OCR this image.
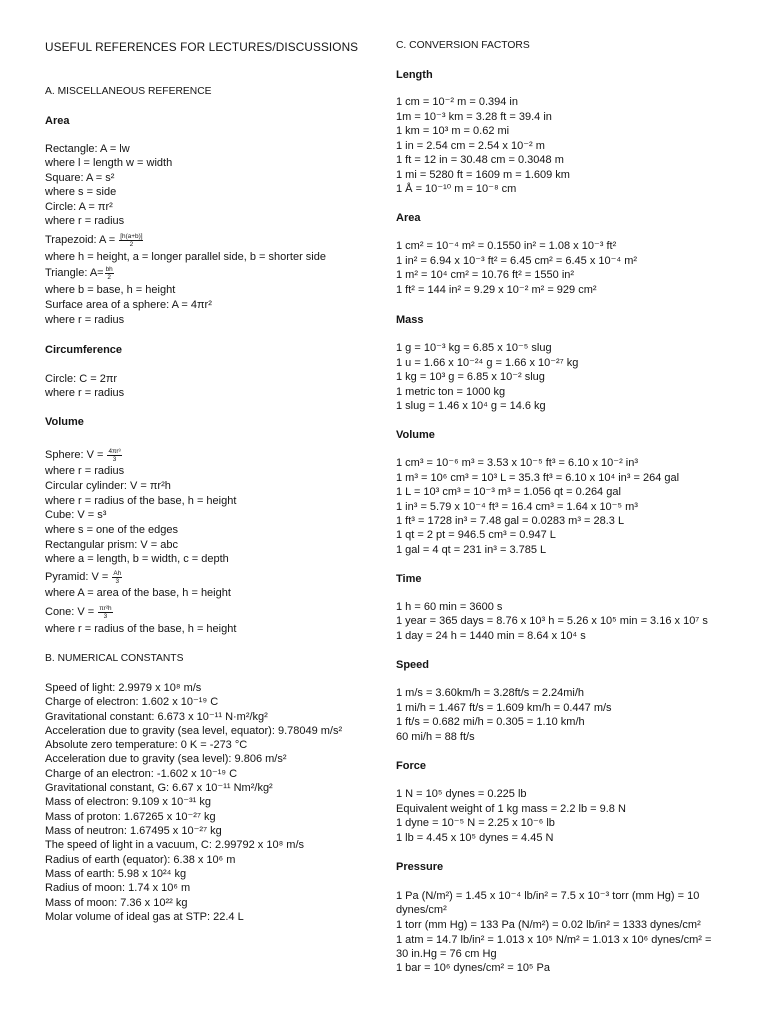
USEFUL REFERENCES FOR LECTURES/DISCUSSIONS
A. MISCELLANEOUS REFERENCE
Area
Rectangle: A = lw
where l = length w = width
Square: A = s²
where s = side
Circle: A = πr²
where r = radius
Trapezoid: $A = \frac{[h(a+b)]}{2}$
where h = height, a = longer parallel side, b = shorter side
Triangle: $A= \frac{bh}{2}$
where b = base, h = height
Surface area of a sphere: A = 4πr²
where r = radius
Circumference
Circle: C = 2πr
where r = radius
Volume
Sphere: $V = \frac{\text{4πr³}}{3}$
where r = radius
Circular cylinder: V = πr²h
where r = radius of the base, h = height
Cube: V = s³
where s = one of the edges
Rectangular prism: V = abc
where a = length, b = width, c = depth
Pyramid: $V = \frac{Ah}{3}$
where A = area of the base, h = height
Cone: $V = \frac{\text{πr²h}}{3}$
where r = radius of the base, h = height
B. NUMERICAL CONSTANTS
Speed of light: 2.9979 x 10⁸ m/s
Charge of electron: 1.602 x 10⁻¹⁹ C
Gravitational constant: 6.673 x 10⁻¹¹ N·m²/kg²
Acceleration due to gravity (sea level, equator): 9.78049 m/s²
Absolute zero temperature: 0 K = -273 °C
Acceleration due to gravity (sea level): 9.806 m/s²
Charge of an electron: -1.602 x 10⁻¹⁹ C
Gravitational constant, G: 6.67 x 10⁻¹¹ Nm²/kg²
Mass of electron: 9.109 x 10⁻³¹ kg
Mass of proton: 1.67265 x 10⁻²⁷ kg
Mass of neutron: 1.67495 x 10⁻²⁷ kg
The speed of light in a vacuum, C: 2.99792 x 10⁸ m/s
Radius of earth (equator): 6.38 x 10⁶ m
Mass of earth: 5.98 x 10²⁴ kg
Radius of moon: 1.74 x 10⁶ m
Mass of moon: 7.36 x 10²² kg
Molar volume of ideal gas at STP: 22.4 L
C. CONVERSION FACTORS
Length
1 cm = 10⁻² m = 0.394 in
1m = 10⁻³ km = 3.28 ft = 39.4 in
1 km = 10³ m = 0.62 mi
1 in = 2.54 cm = 2.54 x 10⁻² m
1 ft = 12 in = 30.48 cm = 0.3048 m
1 mi = 5280 ft = 1609 m = 1.609 km
1 Å = 10⁻¹⁰ m = 10⁻⁸ cm
Area
1 cm² = 10⁻⁴ m² = 0.1550 in² = 1.08 x 10⁻³ ft²
1 in² = 6.94 x 10⁻³ ft² = 6.45 cm² = 6.45 x 10⁻⁴ m²
1 m² = 10⁴ cm² = 10.76 ft² = 1550 in²
1 ft² = 144 in² = 9.29 x 10⁻² m² = 929 cm²
Mass
1 g = 10⁻³ kg = 6.85 x 10⁻⁵ slug
1 u = 1.66 x 10⁻²⁴ g = 1.66 x 10⁻²⁷ kg
1 kg = 10³ g = 6.85 x 10⁻² slug
1 metric ton = 1000 kg
1 slug = 1.46 x 10⁴ g = 14.6 kg
Volume
1 cm³ = 10⁻⁶ m³ = 3.53 x 10⁻⁵ ft³ = 6.10 x 10⁻² in³
1 m³ = 10⁶ cm³ = 10³ L = 35.3 ft³ = 6.10 x 10⁴ in³ = 264 gal
1 L = 10³ cm³ = 10⁻³ m³ = 1.056 qt = 0.264 gal
1 in³ = 5.79 x 10⁻⁴ ft³ = 16.4 cm³ = 1.64 x 10⁻⁵ m³
1 ft³ = 1728 in³ = 7.48 gal = 0.0283 m³ = 28.3 L
1 qt = 2 pt = 946.5 cm³ = 0.947 L
1 gal = 4 qt = 231 in³ = 3.785 L
Time
1 h = 60 min = 3600 s
1 year = 365 days = 8.76 x 10³ h = 5.26 x 10⁵ min = 3.16 x 10⁷ s
1 day = 24 h = 1440 min = 8.64 x 10⁴ s
Speed
1 m/s = 3.60km/h = 3.28ft/s = 2.24mi/h
1 mi/h = 1.467 ft/s = 1.609 km/h = 0.447 m/s
1 ft/s = 0.682 mi/h = 0.305 = 1.10 km/h
60 mi/h = 88 ft/s
Force
1 N = 10⁵ dynes = 0.225 lb
Equivalent weight of 1 kg mass = 2.2 lb = 9.8 N
1 dyne = 10⁻⁵ N = 2.25 x 10⁻⁶ lb
1 lb = 4.45 x 10⁵ dynes = 4.45 N
Pressure
1 Pa (N/m²) = 1.45 x 10⁻⁴ lb/in² = 7.5 x 10⁻³ torr (mm Hg) = 10
dynes/cm²
1 torr (mm Hg) = 133 Pa (N/m²) = 0.02 lb/in² = 1333 dynes/cm²
1 atm = 14.7 lb/in² = 1.013 x 10⁵ N/m² = 1.013 x 10⁶ dynes/cm² =
30 in.Hg = 76 cm Hg
1 bar = 10⁶ dynes/cm² = 10⁵ Pa
